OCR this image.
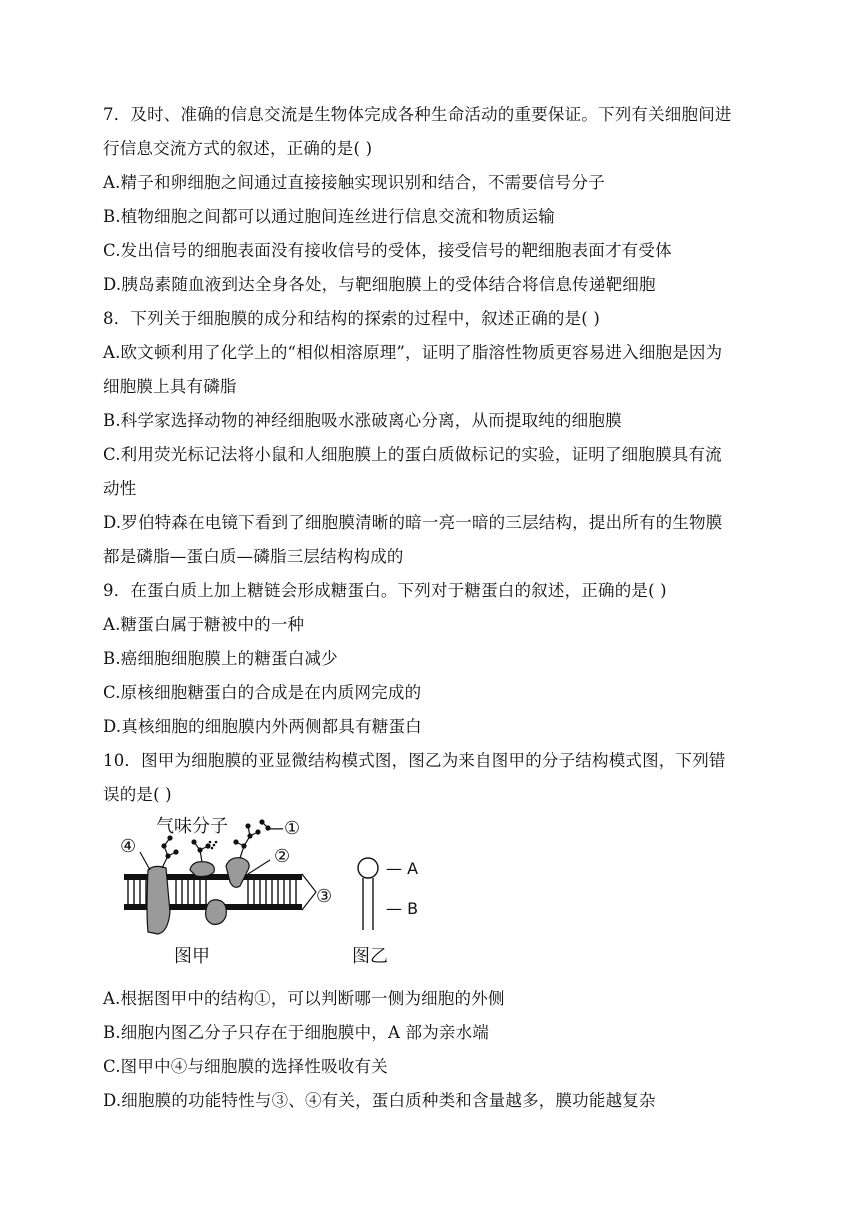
7．及时、准确的信息交流是生物体完成各种生命活动的重要保证。下列有关细胞间进
行信息交流方式的叙述，正确的是( )
A.精子和卵细胞之间通过直接接触实现识别和结合，不需要信号分子
B.植物细胞之间都可以通过胞间连丝进行信息交流和物质运输
C.发出信号的细胞表面没有接收信号的受体，接受信号的靶细胞表面才有受体
D.胰岛素随血液到达全身各处，与靶细胞膜上的受体结合将信息传递靶细胞
8．下列关于细胞膜的成分和结构的探索的过程中，叙述正确的是( )
A.欧文顿利用了化学上的“相似相溶原理”，证明了脂溶性物质更容易进入细胞是因为
细胞膜上具有磷脂
B.科学家选择动物的神经细胞吸水涨破离心分离，从而提取纯的细胞膜
C.利用荧光标记法将小鼠和人细胞膜上的蛋白质做标记的实验，证明了细胞膜具有流
动性
D.罗伯特森在电镜下看到了细胞膜清晰的暗一亮一暗的三层结构，提出所有的生物膜
都是磷脂—蛋白质—磷脂三层结构构成的
9．在蛋白质上加上糖链会形成糖蛋白。下列对于糖蛋白的叙述，正确的是( )
A.糖蛋白属于糖被中的一种
B.癌细胞细胞膜上的糖蛋白减少
C.原核细胞糖蛋白的合成是在内质网完成的
D.真核细胞的细胞膜内外两侧都具有糖蛋白
10．图甲为细胞膜的亚显微结构模式图，图乙为来自图甲的分子结构模式图，下列错
误的是( )
气味分子 —①
②
③
④
图甲
— A
— B
图乙
A.根据图甲中的结构①，可以判断哪一侧为细胞的外侧
B.细胞内图乙分子只存在于细胞膜中，A 部为亲水端
C.图甲中④与细胞膜的选择性吸收有关
D.细胞膜的功能特性与③、④有关，蛋白质种类和含量越多，膜功能越复杂
